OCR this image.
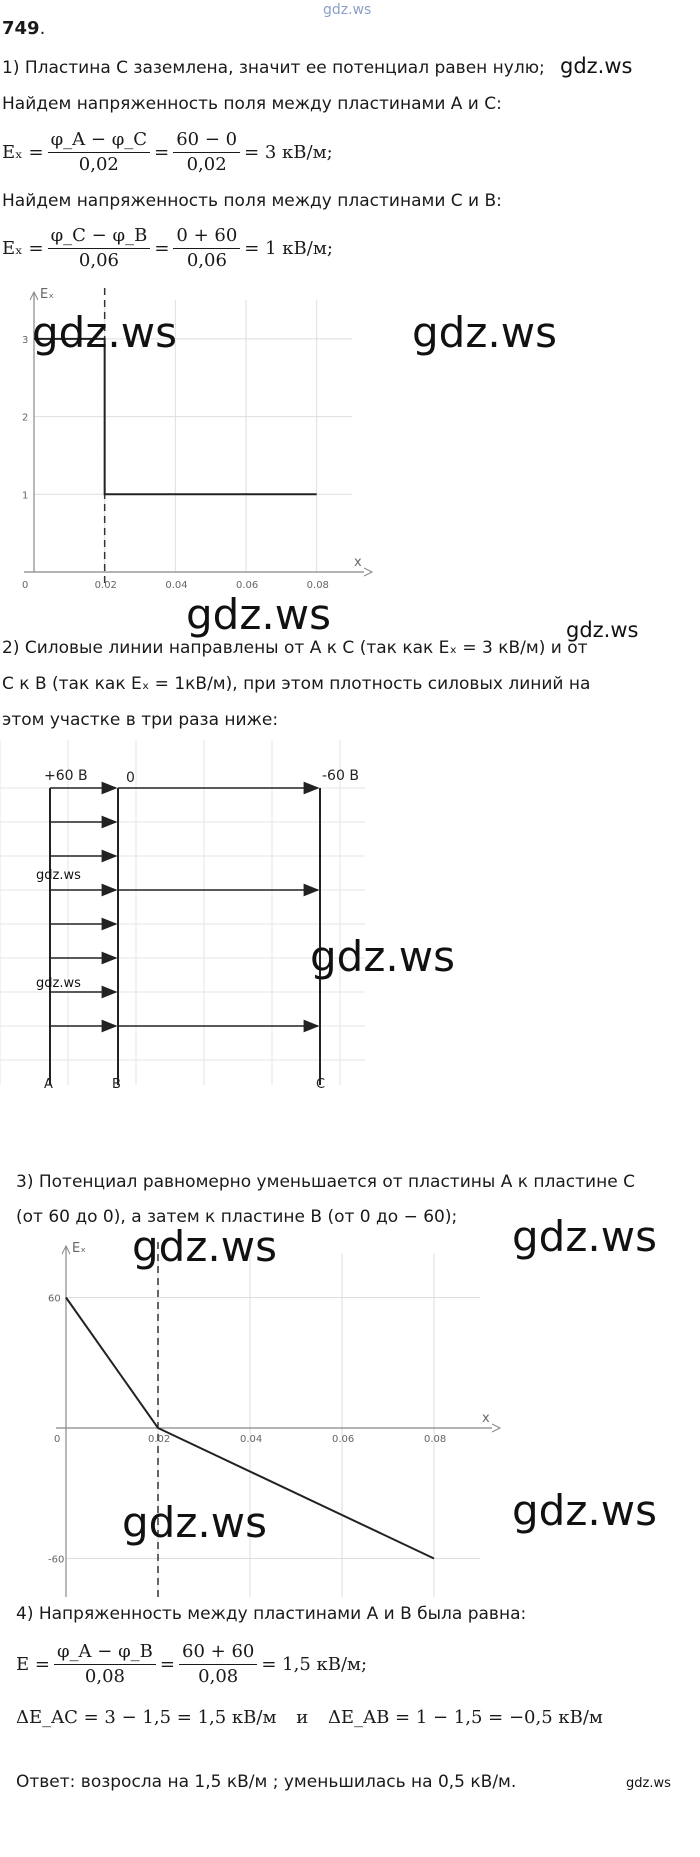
gdz.ws
749.
1) Пластина C заземлена, значит ее потенциал равен нулю; gdz.ws
Найдем напряженность поля между пластинами A и C:
$E_x = \frac{\varphi\_A - \varphi\_C}{0,02} = \frac{60 - 0}{0,02} = 3$ кВ/м;
Найдем напряженность поля между пластинами C и B:
$E_x = \frac{\varphi\_C - \varphi\_B}{0,06} = \frac{0 + 60}{0,06} = 1$ кВ/м;
0	0.02	0.04	0.06	0.08
1
2
3
Eₓ
x
gdz.ws	gdz.ws
gdz.ws	gdz.ws
2) Силовые линии направлены от A к C (так как Eₓ = 3 кВ/м) и от
C к B (так как Eₓ = 1кВ/м), при этом плотность силовых линий на
этом участке в три раза ниже:
+60 В	0	-60 В
A	B	C
gdz.ws
gdz.ws
gdz.ws
3) Потенциал равномерно уменьшается от пластины A к пластине C
(от 60 до 0), а затем к пластине B (от 0 до − 60);
0	0.02	0.04	0.06	0.08
60
-60
Eₓ
x
gdz.ws	gdz.ws
gdz.ws	gdz.ws
4) Напряженность между пластинами A и B была равна:
$E = \frac{\varphi\_A - \varphi\_B}{0,08} = \frac{60 + 60}{0,08} = 1,5$ кВ/м;
ΔE_AC = 3 − 1,5 = 1,5 кВ/м и ΔE_AB = 1 − 1,5 = −0,5 кВ/м
Ответ: возросла на 1,5 кВ/м ; уменьшилась на 0,5 кВ/м.	gdz.ws
